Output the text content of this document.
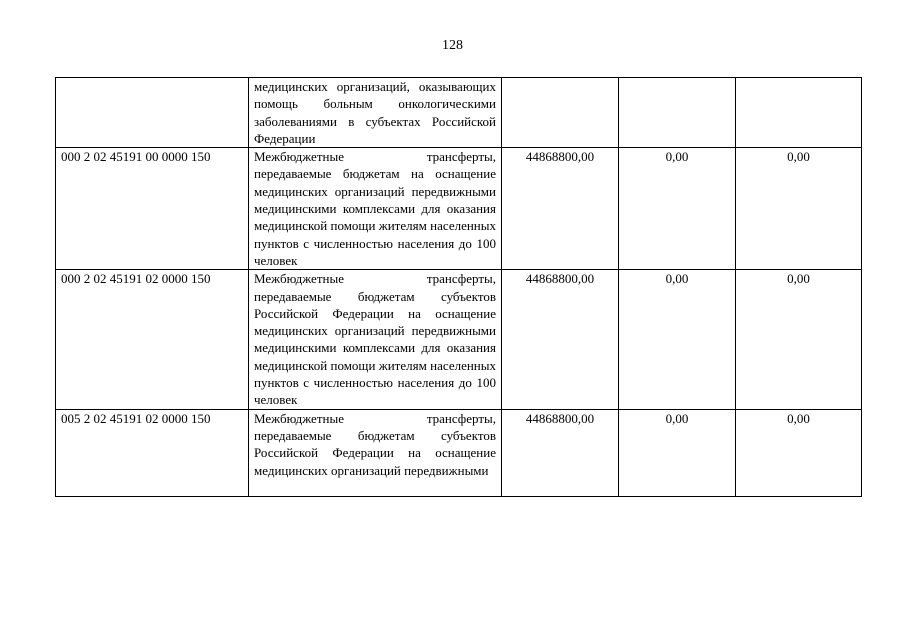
128
	медицинских организаций, оказывающих помощь больным онкологическими заболеваниями в субъектах Российской Федерации			
000 2 02 45191 00 0000 150	Межбюджетные трансферты, передаваемые бюджетам на оснащение медицинских организаций передвижными медицинскими комплексами для оказания медицинской помощи жителям населенных пунктов с численностью населения до 100 человек	44868800,00	0,00	0,00
000 2 02 45191 02 0000 150	Межбюджетные трансферты, передаваемые бюджетам субъектов Российской Федерации на оснащение медицинских организаций передвижными медицинскими комплексами для оказания медицинской помощи жителям населенных пунктов с численностью населения до 100 человек	44868800,00	0,00	0,00
005 2 02 45191 02 0000 150	Межбюджетные трансферты, передаваемые бюджетам субъектов Российской Федерации на оснащение медицинских организаций передвижными	44868800,00	0,00	0,00
